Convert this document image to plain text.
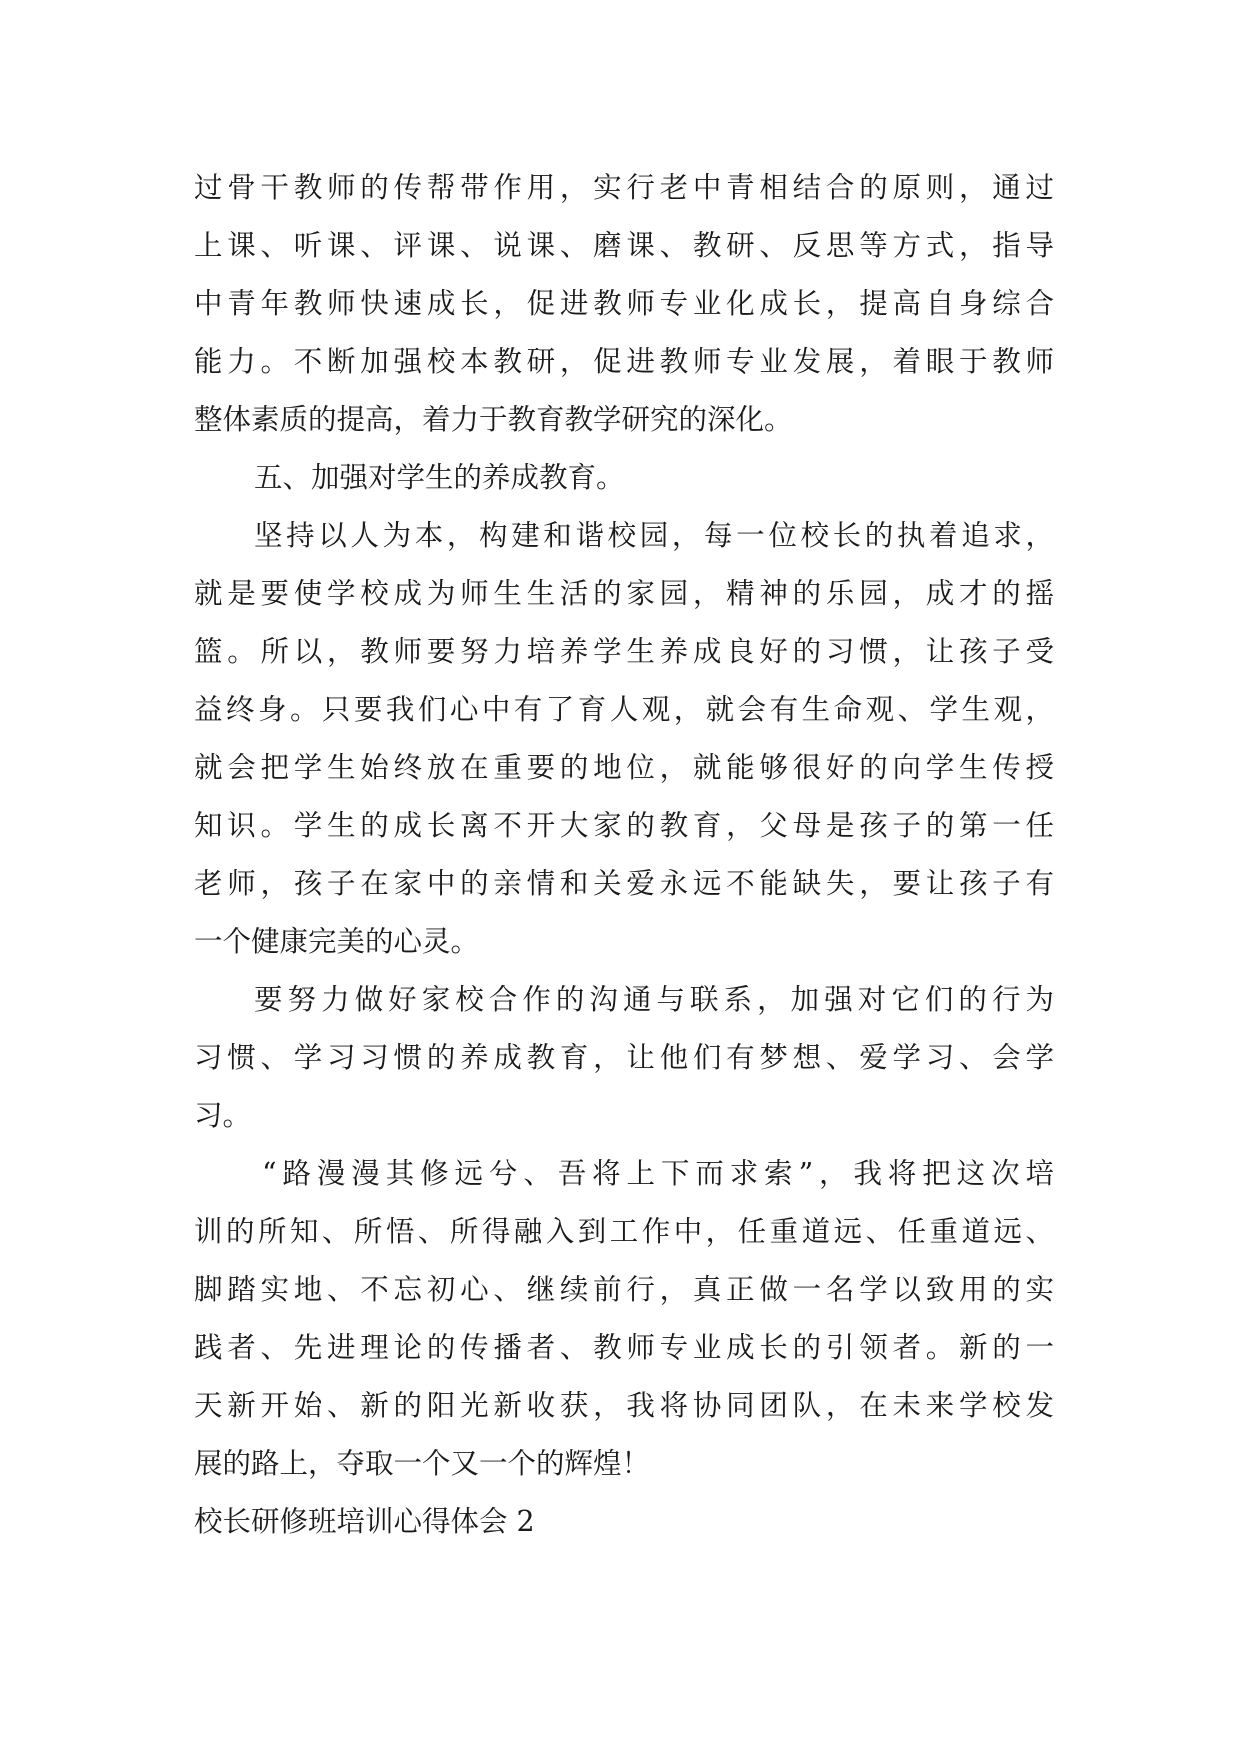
过骨干教师的传帮带作用，实行老中青相结合的原则，通过
上课、听课、评课、说课、磨课、教研、反思等方式，指导
中青年教师快速成长，促进教师专业化成长，提高自身综合
能力。不断加强校本教研，促进教师专业发展，着眼于教师
整体素质的提高，着力于教育教学研究的深化。
五、加强对学生的养成教育。
坚持以人为本，构建和谐校园，每一位校长的执着追求，
就是要使学校成为师生生活的家园，精神的乐园，成才的摇
篮。所以，教师要努力培养学生养成良好的习惯，让孩子受
益终身。只要我们心中有了育人观，就会有生命观、学生观，
就会把学生始终放在重要的地位，就能够很好的向学生传授
知识。学生的成长离不开大家的教育，父母是孩子的第一任
老师，孩子在家中的亲情和关爱永远不能缺失，要让孩子有
一个健康完美的心灵。
要努力做好家校合作的沟通与联系，加强对它们的行为
习惯、学习习惯的养成教育，让他们有梦想、爱学习、会学
习。
“路漫漫其修远兮、吾将上下而求索”，我将把这次培
训的所知、所悟、所得融入到工作中，任重道远、任重道远、
脚踏实地、不忘初心、继续前行，真正做一名学以致用的实
践者、先进理论的传播者、教师专业成长的引领者。新的一
天新开始、新的阳光新收获，我将协同团队，在未来学校发
展的路上，夺取一个又一个的辉煌！
校长研修班培训心得体会 2
